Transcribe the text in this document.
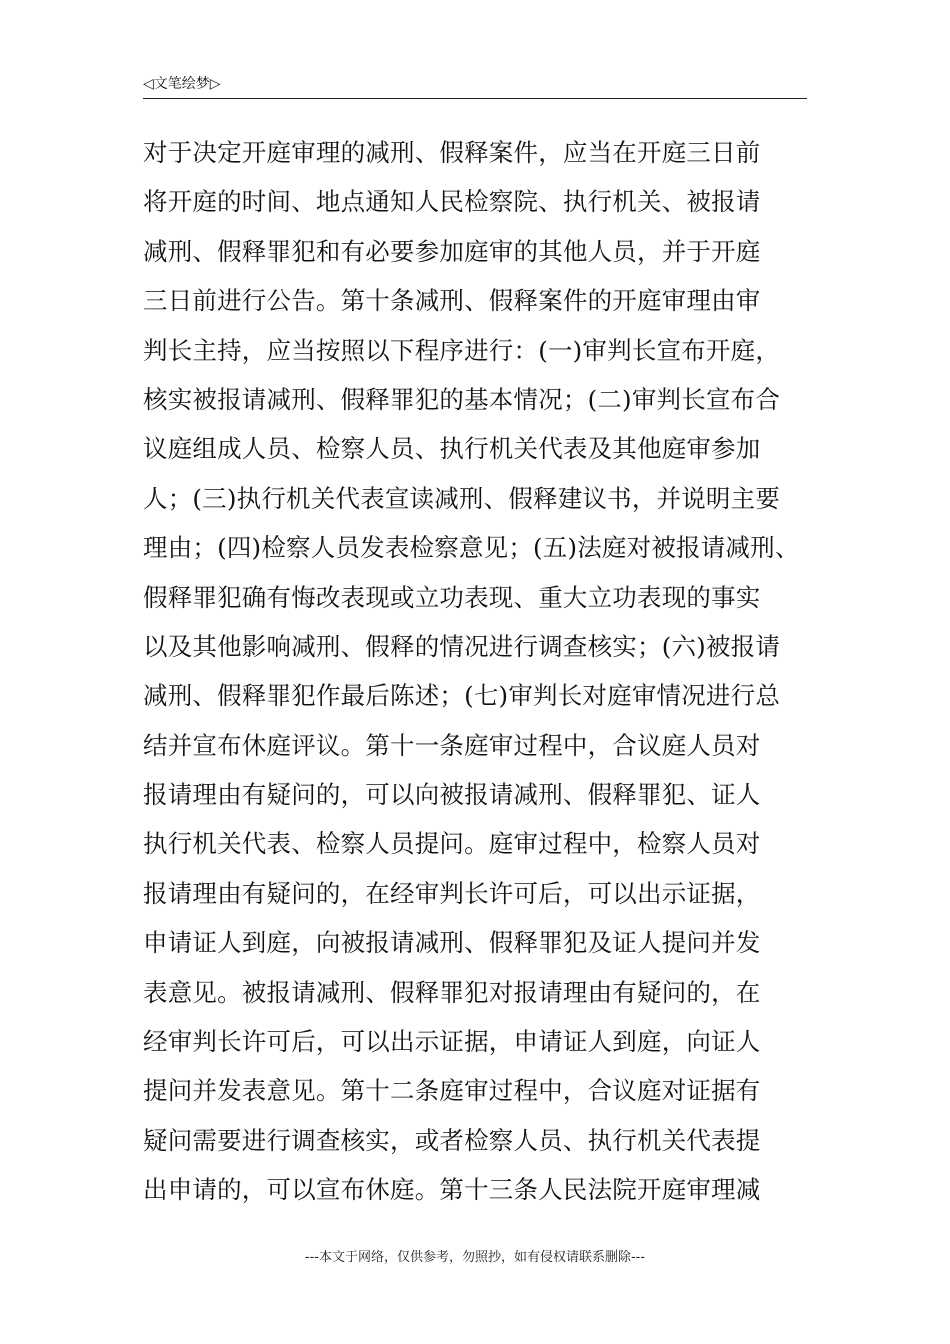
◁文笔绘梦▷
对于决定开庭审理的减刑、假释案件，应当在开庭三日前
将开庭的时间、地点通知人民检察院、执行机关、被报请
减刑、假释罪犯和有必要参加庭审的其他人员，并于开庭
三日前进行公告。第十条减刑、假释案件的开庭审理由审
判长主持，应当按照以下程序进行：(一)审判长宣布开庭，
核实被报请减刑、假释罪犯的基本情况；(二)审判长宣布合
议庭组成人员、检察人员、执行机关代表及其他庭审参加
人；(三)执行机关代表宣读减刑、假释建议书，并说明主要
理由；(四)检察人员发表检察意见；(五)法庭对被报请减刑、
假释罪犯确有悔改表现或立功表现、重大立功表现的事实
以及其他影响减刑、假释的情况进行调查核实；(六)被报请
减刑、假释罪犯作最后陈述；(七)审判长对庭审情况进行总
结并宣布休庭评议。第十一条庭审过程中，合议庭人员对
报请理由有疑问的，可以向被报请减刑、假释罪犯、证人
执行机关代表、检察人员提问。庭审过程中，检察人员对
报请理由有疑问的，在经审判长许可后，可以出示证据，
申请证人到庭，向被报请减刑、假释罪犯及证人提问并发
表意见。被报请减刑、假释罪犯对报请理由有疑问的，在
经审判长许可后，可以出示证据，申请证人到庭，向证人
提问并发表意见。第十二条庭审过程中，合议庭对证据有
疑问需要进行调查核实，或者检察人员、执行机关代表提
出申请的，可以宣布休庭。第十三条人民法院开庭审理减
---本文于网络，仅供参考，勿照抄，如有侵权请联系删除---
